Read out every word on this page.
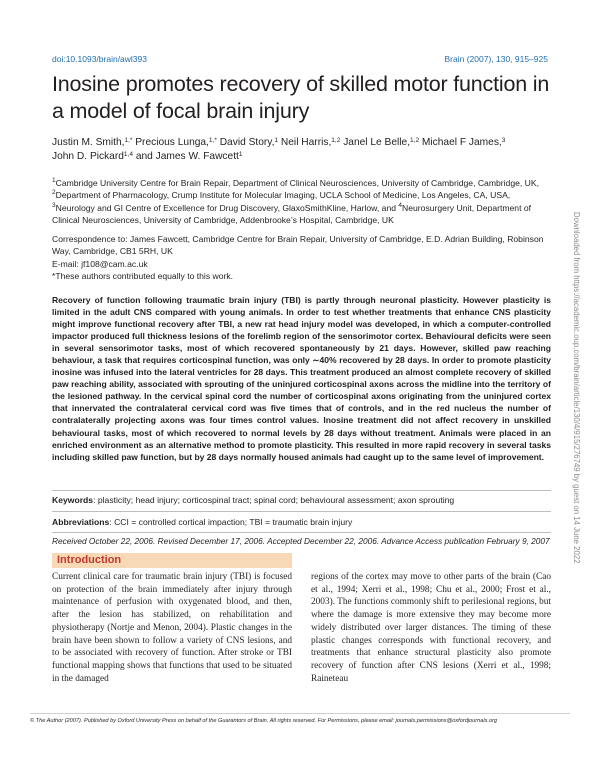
doi:10.1093/brain/awl393	Brain (2007), 130, 915–925
Inosine promotes recovery of skilled motor function in a model of focal brain injury
Justin M. Smith,$^{1,*}$ Precious Lunga,$^{1,*}$ David Story,$^1$ Neil Harris,$^{1,2}$ Janel Le Belle,$^{1,2}$ Michael F James,$^3$
John D. Pickard$^{1,4}$ and James W. Fawcett$^1$
$^1$Cambridge University Centre for Brain Repair, Department of Clinical Neurosciences, University of Cambridge, Cambridge, UK, $^2$Department of Pharmacology, Crump Institute for Molecular Imaging, UCLA School of Medicine, Los Angeles, CA, USA, $^3$Neurology and GI Centre of Excellence for Drug Discovery, GlaxoSmithKline, Harlow, and $^4$Neurosurgery Unit, Department of Clinical Neurosciences, University of Cambridge, Addenbrooke’s Hospital, Cambridge, UK
Correspondence to: James Fawcett, Cambridge Centre for Brain Repair, University of Cambridge, E.D. Adrian Building, Robinson Way, Cambridge, CB1 5RH, UK
E-mail: jf108@cam.ac.uk
*These authors contributed equally to this work.
Recovery of function following traumatic brain injury (TBI) is partly through neuronal plasticity. However plasticity is limited in the adult CNS compared with young animals. In order to test whether treatments that enhance CNS plasticity might improve functional recovery after TBI, a new rat head injury model was developed, in which a computer-controlled impactor produced full thickness lesions of the forelimb region of the sensorimotor cortex. Behavioural deficits were seen in several sensorimotor tasks, most of which recovered spontaneously by 21 days. However, skilled paw reaching behaviour, a task that requires corticospinal function, was only ∼40% recovered by 28 days. In order to promote plasticity inosine was infused into the lateral ventricles for 28 days. This treatment produced an almost complete recovery of skilled paw reaching ability, associated with sprouting of the uninjured corticospinal axons across the midline into the territory of the lesioned pathway. In the cervical spinal cord the number of corticospinal axons originating from the uninjured cortex that innervated the contralateral cervical cord was five times that of controls, and in the red nucleus the number of contralaterally projecting axons was four times control values. Inosine treatment did not affect recovery in unskilled behavioural tasks, most of which recovered to normal levels by 28 days without treatment. Animals were placed in an enriched environment as an alternative method to promote plasticity. This resulted in more rapid recovery in several tasks including skilled paw function, but by 28 days normally housed animals had caught up to the same level of improvement.
Keywords: plasticity; head injury; corticospinal tract; spinal cord; behavioural assessment; axon sprouting
Abbreviations: CCI = controlled cortical impaction; TBI = traumatic brain injury
Received October 22, 2006. Revised December 17, 2006. Accepted December 22, 2006. Advance Access publication February 9, 2007
Introduction
Current clinical care for traumatic brain injury (TBI) is focused on protection of the brain immediately after injury through maintenance of perfusion with oxygenated blood, and then, after the lesion has stabilized, on rehabilitation and physiotherapy (Nortje and Menon, 2004). Plastic changes in the brain have been shown to follow a variety of CNS lesions, and to be associated with recovery of function. After stroke or TBI functional mapping shows that functions that used to be situated in the damaged
regions of the cortex may move to other parts of the brain (Cao et al., 1994; Xerri et al., 1998; Chu et al., 2000; Frost et al., 2003). The functions commonly shift to perilesional regions, but where the damage is more extensive they may become more widely distributed over larger distances. The timing of these plastic changes corresponds with functional recovery, and treatments that enhance structural plasticity also promote recovery of function after CNS lesions (Xerri et al., 1998; Raineteau
Downloaded from https://academic.oup.com/brain/article/130/4/915/276749 by guest on 14 June 2022
© The Author (2007). Published by Oxford University Press on behalf of the Guarantors of Brain. All rights reserved. For Permissions, please email: journals.permissions@oxfordjournals.org
